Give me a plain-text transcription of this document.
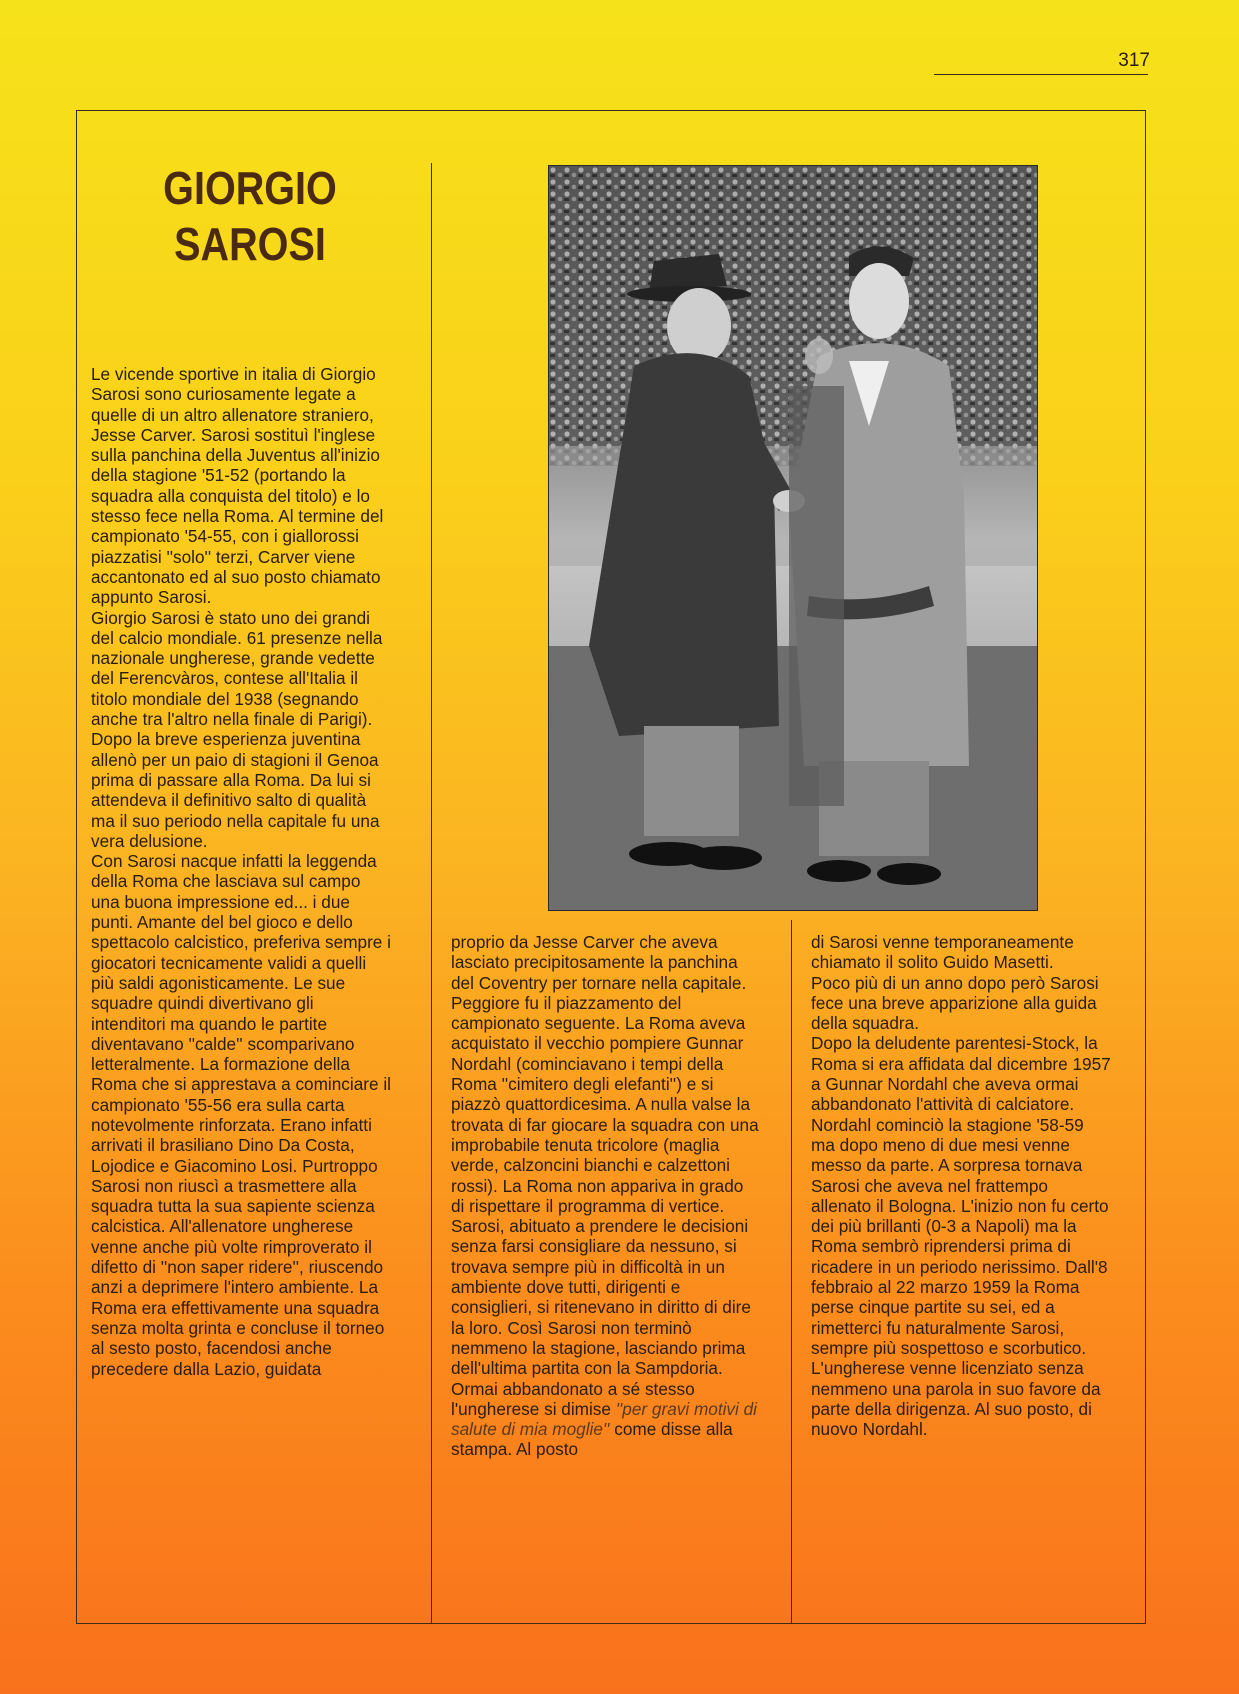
317
GIORGIO
SAROSI

Le vicende sportive in italia di Giorgio Sarosi sono curiosamente legate a quelle di un altro allenatore straniero, Jesse Carver. Sarosi sostituì l'inglese sulla panchina della Juventus all'inizio della stagione '51-52 (portando la squadra alla conquista del titolo) e lo stesso fece nella Roma. Al termine del campionato '54-55, con i giallorossi piazzatisi ''solo'' terzi, Carver viene accantonato ed al suo posto chiamato appunto Sarosi.

Giorgio Sarosi è stato uno dei grandi del calcio mondiale. 61 presenze nella nazionale ungherese, grande vedette del Ferencvàros, contese all'Italia il titolo mondiale del 1938 (segnando anche tra l'altro nella finale di Parigi). Dopo la breve esperienza juventina allenò per un paio di stagioni il Genoa prima di passare alla Roma. Da lui si attendeva il definitivo salto di qualità ma il suo periodo nella capitale fu una vera delusione.

Con Sarosi nacque infatti la leggenda della Roma che lasciava sul campo una buona impressione ed... i due punti. Amante del bel gioco e dello spettacolo calcistico, preferiva sempre i giocatori tecnicamente validi a quelli più saldi agonisticamente. Le sue squadre quindi divertivano gli intenditori ma quando le partite diventavano ''calde'' scomparivano letteralmente. La formazione della Roma che si apprestava a cominciare il campionato '55-56 era sulla carta notevolmente rinforzata. Erano infatti arrivati il brasiliano Dino Da Costa, Lojodice e Giacomino Losi. Purtroppo Sarosi non riuscì a trasmettere alla squadra tutta la sua sapiente scienza calcistica. All'allenatore ungherese venne anche più volte rimproverato il difetto di ''non saper ridere'', riuscendo anzi a deprimere l'intero ambiente. La Roma era effettivamente una squadra senza molta grinta e concluse il torneo al sesto posto, facendosi anche precedere dalla Lazio, guidata

proprio da Jesse Carver che aveva lasciato precipitosamente la panchina del Coventry per tornare nella capitale.

Peggiore fu il piazzamento del campionato seguente. La Roma aveva acquistato il vecchio pompiere Gunnar Nordahl (cominciavano i tempi della Roma ''cimitero degli elefanti'') e si piazzò quattordicesima. A nulla valse la trovata di far giocare la squadra con una improbabile tenuta tricolore (maglia verde, calzoncini bianchi e calzettoni rossi). La Roma non appariva in grado di rispettare il programma di vertice. Sarosi, abituato a prendere le decisioni senza farsi consigliare da nessuno, si trovava sempre più in difficoltà in un ambiente dove tutti, dirigenti e consiglieri, si ritenevano in diritto di dire la loro. Così Sarosi non terminò nemmeno la stagione, lasciando prima dell'ultima partita con la Sampdoria. Ormai abbandonato a sé stesso l'ungherese si dimise ''per gravi motivi di salute di mia moglie'' come disse alla stampa. Al posto

di Sarosi venne temporaneamente chiamato il solito Guido Masetti.

Poco più di un anno dopo però Sarosi fece una breve apparizione alla guida della squadra.

Dopo la deludente parentesi-Stock, la Roma si era affidata dal dicembre 1957 a Gunnar Nordahl che aveva ormai abbandonato l'attività di calciatore. Nordahl cominciò la stagione '58-59 ma dopo meno di due mesi venne messo da parte. A sorpresa tornava Sarosi che aveva nel frattempo allenato il Bologna. L'inizio non fu certo dei più brillanti (0-3 a Napoli) ma la Roma sembrò riprendersi prima di ricadere in un periodo nerissimo. Dall'8 febbraio al 22 marzo 1959 la Roma perse cinque partite su sei, ed a rimetterci fu naturalmente Sarosi, sempre più sospettoso e scorbutico. L'ungherese venne licenziato senza nemmeno una parola in suo favore da parte della dirigenza. Al suo posto, di nuovo Nordahl.
